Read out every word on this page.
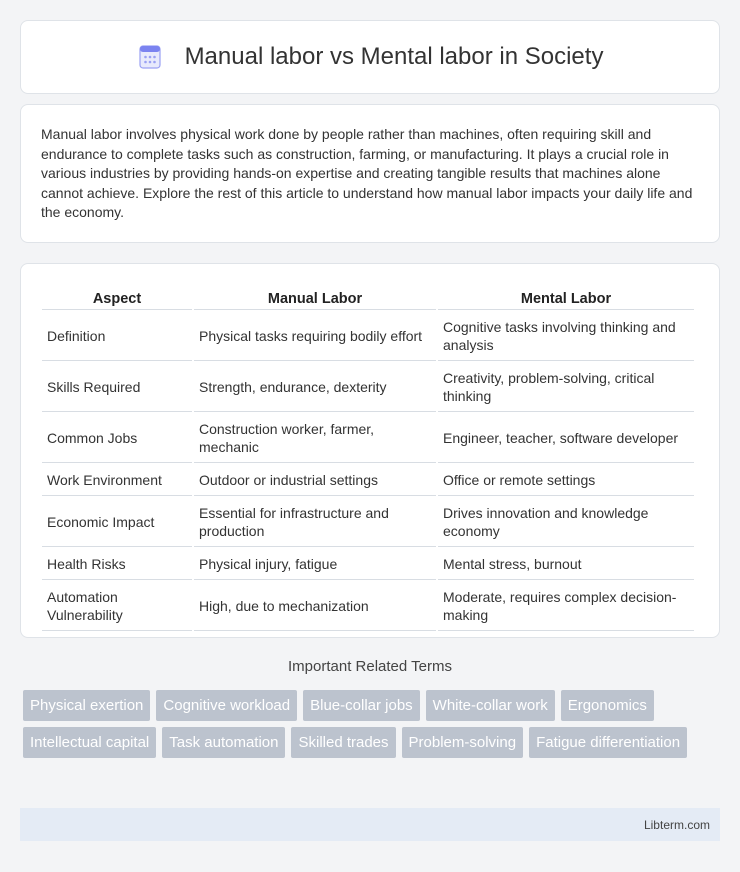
Manual labor vs Mental labor in Society

Manual labor involves physical work done by people rather than machines, often requiring skill and endurance to complete tasks such as construction, farming, or manufacturing. It plays a crucial role in various industries by providing hands-on expertise and creating tangible results that machines alone cannot achieve. Explore the rest of this article to understand how manual labor impacts your daily life and the economy.

Aspect	Manual Labor	Mental Labor
Definition	Physical tasks requiring bodily effort	Cognitive tasks involving thinking and analysis
Skills Required	Strength, endurance, dexterity	Creativity, problem-solving, critical thinking
Common Jobs	Construction worker, farmer, mechanic	Engineer, teacher, software developer
Work Environment	Outdoor or industrial settings	Office or remote settings
Economic Impact	Essential for infrastructure and production	Drives innovation and knowledge economy
Health Risks	Physical injury, fatigue	Mental stress, burnout
Automation Vulnerability	High, due to mechanization	Moderate, requires complex decision-making
Important Related Terms
Physical exertion	Cognitive workload	Blue-collar jobs	White-collar work	Ergonomics
Intellectual capital	Task automation	Skilled trades	Problem-solving	Fatigue differentiation
Libterm.com
